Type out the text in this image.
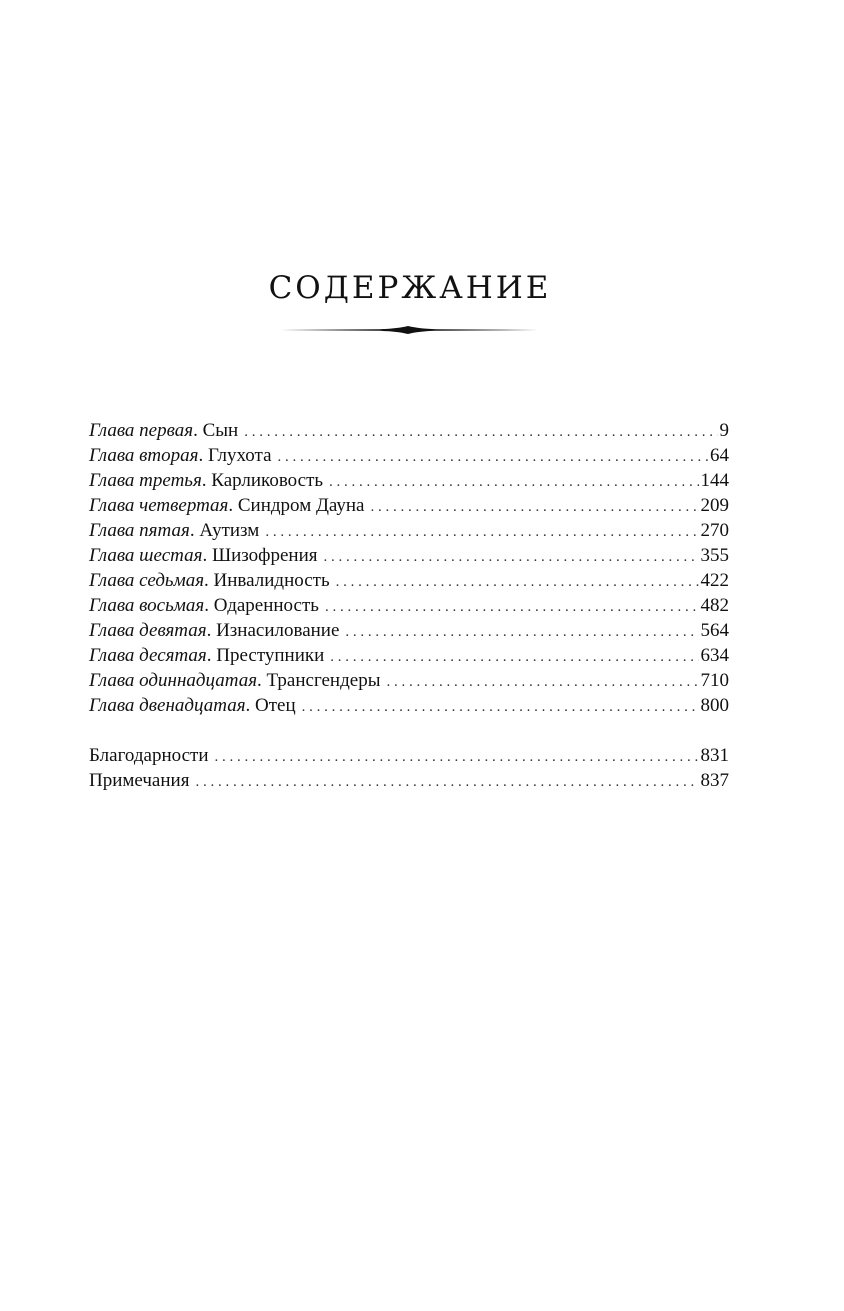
СОДЕРЖАНИЕ
Глава первая. Сын . . .	9
Глава вторая. Глухота . . .	64
Глава третья. Карликовость . . .	144
Глава четвертая. Синдром Дауна . . .	209
Глава пятая. Аутизм . . .	270
Глава шестая. Шизофрения . . .	355
Глава седьмая. Инвалидность . . .	422
Глава восьмая. Одаренность . . .	482
Глава девятая. Изнасилование . . .	564
Глава десятая. Преступники . . .	634
Глава одиннадцатая. Трансгендеры . . .	710
Глава двенадцатая. Отец . . .	800
Благодарности . . .	831
Примечания . . .	837
